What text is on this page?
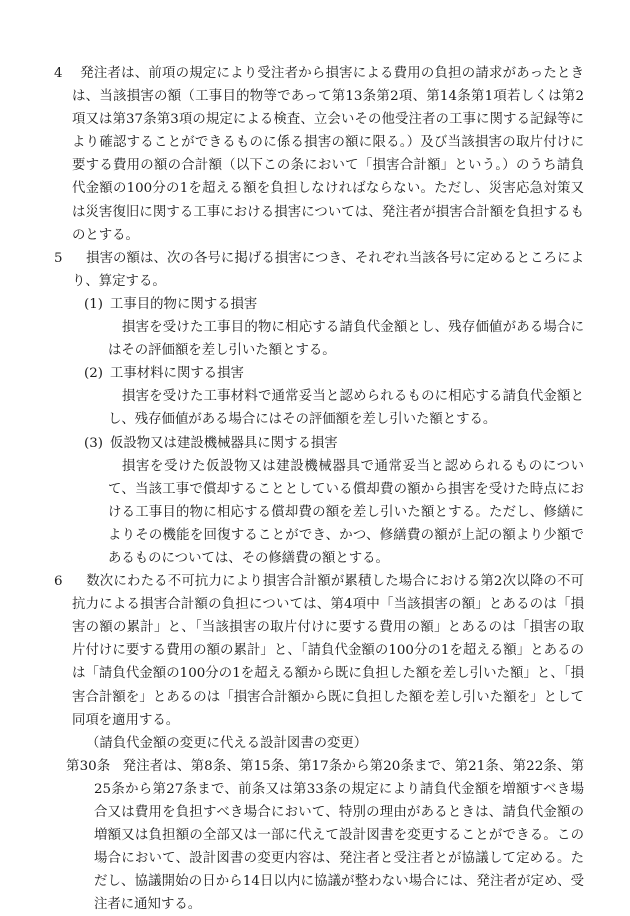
4	発注者は、前項の規定により受注者から損害による費用の負担の請求があったときは、当該損害の額（工事目的物等であって第13条第2項、第14条第1項若しくは第2項又は第37条第3項の規定による検査、立会いその他受注者の工事に関する記録等により確認することができるものに係る損害の額に限る。）及び当該損害の取片付けに要する費用の額の合計額（以下この条において「損害合計額」という。）のうち請負代金額の100分の1を超える額を負担しなければならない。ただし、災害応急対策又は災害復旧に関する工事における損害については、発注者が損害合計額を負担するものとする。
5	損害の額は、次の各号に掲げる損害につき、それぞれ当該各号に定めるところにより、算定する。
(1) 工事目的物に関する損害
損害を受けた工事目的物に相応する請負代金額とし、残存価値がある場合にはその評価額を差し引いた額とする。
(2) 工事材料に関する損害
損害を受けた工事材料で通常妥当と認められるものに相応する請負代金額とし、残存価値がある場合にはその評価額を差し引いた額とする。
(3) 仮設物又は建設機械器具に関する損害
損害を受けた仮設物又は建設機械器具で通常妥当と認められるものについて、当該工事で償却することとしている償却費の額から損害を受けた時点における工事目的物に相応する償却費の額を差し引いた額とする。ただし、修繕によりその機能を回復することができ、かつ、修繕費の額が上記の額より少額であるものについては、その修繕費の額とする。
6	数次にわたる不可抗力により損害合計額が累積した場合における第2次以降の不可抗力による損害合計額の負担については、第4項中「当該損害の額」とあるのは「損害の額の累計」と、「当該損害の取片付けに要する費用の額」とあるのは「損害の取片付けに要する費用の額の累計」と、「請負代金額の100分の1を超える額」とあるのは「請負代金額の100分の1を超える額から既に負担した額を差し引いた額」と、「損害合計額を」とあるのは「損害合計額から既に負担した額を差し引いた額を」として同項を適用する。
（請負代金額の変更に代える設計図書の変更）
第30条 発注者は、第8条、第15条、第17条から第20条まで、第21条、第22条、第25条から第27条まで、前条又は第33条の規定により請負代金額を増額すべき場合又は費用を負担すべき場合において、特別の理由があるときは、請負代金額の増額又は負担額の全部又は一部に代えて設計図書を変更することができる。この場合において、設計図書の変更内容は、発注者と受注者とが協議して定める。ただし、協議開始の日から14日以内に協議が整わない場合には、発注者が定め、受注者に通知する。
